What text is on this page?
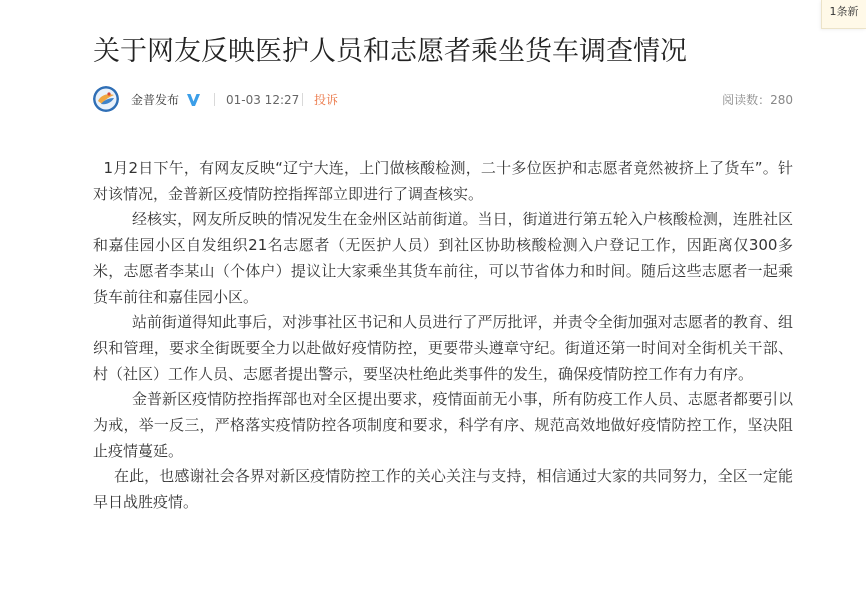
1条新
关于网友反映医护人员和志愿者乘坐货车调查情况
金普发布	01-03 12:27 投诉	阅读数：280

1月2日下午，有网友反映“辽宁大连，上门做核酸检测，二十多位医护和志愿者竟然被挤上了货车”。针对该情况，金普新区疫情防控指挥部立即进行了调查核实。

经核实，网友所反映的情况发生在金州区站前街道。当日，街道进行第五轮入户核酸检测，连胜社区和嘉佳园小区自发组织21名志愿者（无医护人员）到社区协助核酸检测入户登记工作，因距离仅300多米，志愿者李某山（个体户）提议让大家乘坐其货车前往，可以节省体力和时间。随后这些志愿者一起乘货车前往和嘉佳园小区。

站前街道得知此事后，对涉事社区书记和人员进行了严厉批评，并责令全街加强对志愿者的教育、组织和管理，要求全街既要全力以赴做好疫情防控，更要带头遵章守纪。街道还第一时间对全街机关干部、村（社区）工作人员、志愿者提出警示，要坚决杜绝此类事件的发生，确保疫情防控工作有力有序。

金普新区疫情防控指挥部也对全区提出要求，疫情面前无小事，所有防疫工作人员、志愿者都要引以为戒，举一反三，严格落实疫情防控各项制度和要求，科学有序、规范高效地做好疫情防控工作，坚决阻止疫情蔓延。

在此，也感谢社会各界对新区疫情防控工作的关心关注与支持，相信通过大家的共同努力，全区一定能早日战胜疫情。
